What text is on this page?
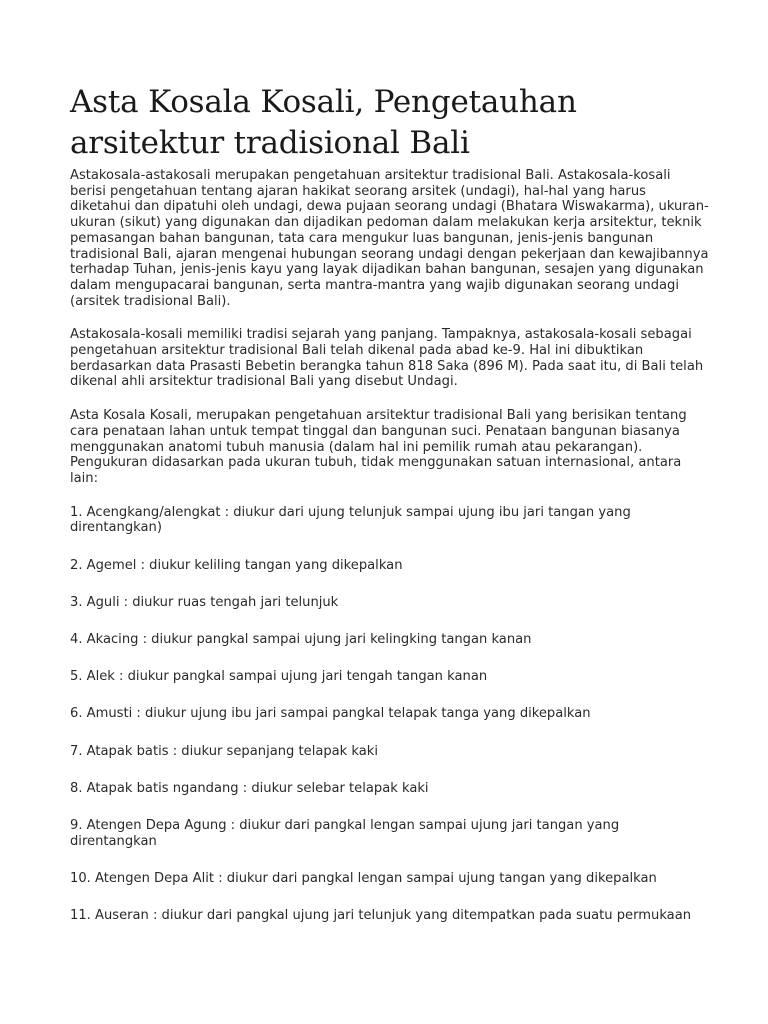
Asta Kosala Kosali, Pengetauhan arsitektur tradisional Bali

Astakosala-astakosali merupakan pengetahuan arsitektur tradisional Bali. Astakosala-kosali berisi pengetahuan tentang ajaran hakikat seorang arsitek (undagi), hal-hal yang harus diketahui dan dipatuhi oleh undagi, dewa pujaan seorang undagi (Bhatara Wiswakarma), ukuran-ukuran (sikut) yang digunakan dan dijadikan pedoman dalam melakukan kerja arsitektur, teknik pemasangan bahan bangunan, tata cara mengukur luas bangunan, jenis-jenis bangunan tradisional Bali, ajaran mengenai hubungan seorang undagi dengan pekerjaan dan kewajibannya terhadap Tuhan, jenis-jenis kayu yang layak dijadikan bahan bangunan, sesajen yang digunakan dalam mengupacarai bangunan, serta mantra-mantra yang wajib digunakan seorang undagi (arsitek tradisional Bali).

Astakosala-kosali memiliki tradisi sejarah yang panjang. Tampaknya, astakosala-kosali sebagai pengetahuan arsitektur tradisional Bali telah dikenal pada abad ke-9. Hal ini dibuktikan berdasarkan data Prasasti Bebetin berangka tahun 818 Saka (896 M). Pada saat itu, di Bali telah dikenal ahli arsitektur tradisional Bali yang disebut Undagi.

Asta Kosala Kosali, merupakan pengetahuan arsitektur tradisional Bali yang berisikan tentang cara penataan lahan untuk tempat tinggal dan bangunan suci. Penataan bangunan biasanya menggunakan anatomi tubuh manusia (dalam hal ini pemilik rumah atau pekarangan). Pengukuran didasarkan pada ukuran tubuh, tidak menggunakan satuan internasional, antara lain:

1. Acengkang/alengkat : diukur dari ujung telunjuk sampai ujung ibu jari tangan yang direntangkan)
2. Agemel : diukur keliling tangan yang dikepalkan
3. Aguli : diukur ruas tengah jari telunjuk
4. Akacing : diukur pangkal sampai ujung jari kelingking tangan kanan
5. Alek : diukur pangkal sampai ujung jari tengah tangan kanan
6. Amusti : diukur ujung ibu jari sampai pangkal telapak tanga yang dikepalkan
7. Atapak batis : diukur sepanjang telapak kaki
8. Atapak batis ngandang : diukur selebar telapak kaki
9. Atengen Depa Agung : diukur dari pangkal lengan sampai ujung jari tangan yang direntangkan
10. Atengen Depa Alit : diukur dari pangkal lengan sampai ujung tangan yang dikepalkan
11. Auseran : diukur dari pangkal ujung jari telunjuk yang ditempatkan pada suatu permukaan
